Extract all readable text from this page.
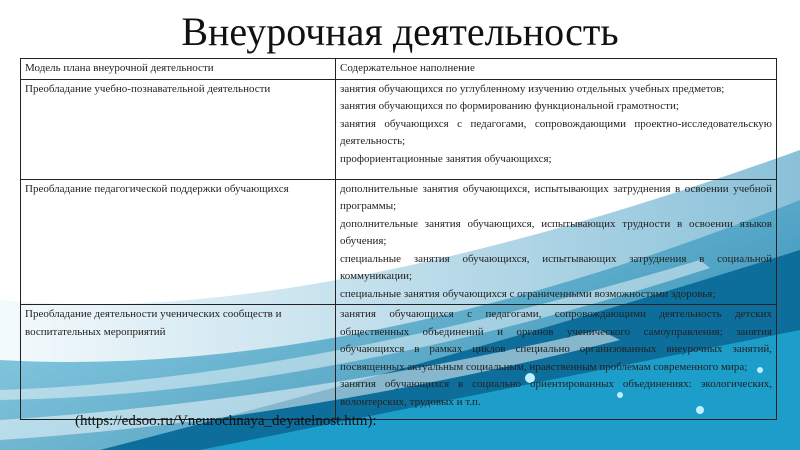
Внеурочная деятельность
Модель плана внеурочной деятельности	Содержательное наполнение
Преобладание учебно-познавательной деятельности	занятия обучающихся по углубленному изучению отдельных учебных предметов;
занятия обучающихся по формированию функциональной грамотности;
занятия обучающихся с педагогами, сопровождающими проектно-исследовательскую деятельность;
профориентационные занятия обучающихся;

Преобладание педагогической поддержки обучающихся	дополнительные занятия обучающихся, испытывающих затруднения в освоении учебной программы;
дополнительные занятия обучающихся, испытывающих трудности в освоении языков обучения;
специальные занятия обучающихся, испытывающих затруднения в социальной коммуникации;
специальные занятия обучающихся с ограниченными возможностями здоровья;

Преобладание деятельности ученических сообществ и воспитательных мероприятий	занятия обучающихся с педагогами, сопровождающими деятельность детских общественных объединений и органов ученического самоуправления; занятия обучающихся в рамках циклов специально организованных внеурочных занятий, посвященных актуальным социальным, нравственным проблемам современного мира;
занятия обучающихся в социально ориентированных объединениях: экологических, волонтерских, трудовых и т.п.
(https://edsoo.ru/Vneurochnaya_deyatelnost.htm):
